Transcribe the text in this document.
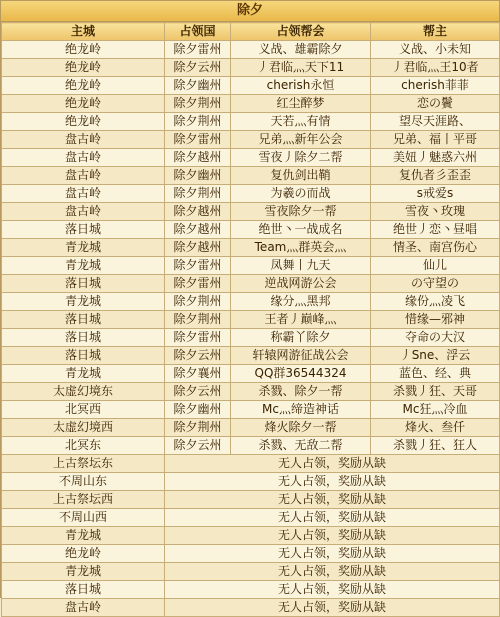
除夕
主城	占领国	占领帮会	帮主
绝龙岭	除夕雷州	义战、雄霸除夕	义战、小未知
绝龙岭	除夕云州	丿君临灬天下11	丿君临灬王10者
绝龙岭	除夕幽州	cherish永恒	cherish菲菲
绝龙岭	除夕荆州	红尘醉梦	恋の鬢
绝龙岭	除夕荆州	天若灬有情	望尽天涯路、
盘古岭	除夕雷州	兄弟灬新年公会	兄弟、福丨平哥
盘古岭	除夕越州	雪夜丿除夕二帮	美妞丿魅惑六州
盘古岭	除夕幽州	复仇剑出鞘	复仇者彡歪歪
盘古岭	除夕荆州	为羲の而战	s戒爱s
盘古岭	除夕越州	雪夜除夕一帮	雪夜丶玫瑰
落日城	除夕越州	绝世丶一战成名	绝世丿恋丶昼唱
青龙城	除夕越州	Team灬群英会灬	情圣、南宫伤心
青龙城	除夕雷州	凤舞丨九天	仙儿
落日城	除夕雷州	逆战网游公会	の守望の
青龙城	除夕荆州	缘分灬黑邦	缘份灬凌飞
落日城	除夕荆州	王者丿巅峰灬	惜缘—邪神
落日城	除夕雷州	称霸丫除夕	夺命の大汉
落日城	除夕云州	轩辕网游征战公会	丿Sne、浮云
青龙城	除夕襄州	QQ群36544324	蓝色、经、典
太虚幻境东	除夕云州	杀戮、除夕一帮	杀戮丿狂、天哥
北冥西	除夕幽州	Mc灬缔造神话	Mc狂灬冷血
太虚幻境西	除夕荆州	烽火除夕一帮	烽火、叁仟
北冥东	除夕云州	杀戮、无敌二帮	杀戮丿狂、狂人
上古祭坛东	无人占领，奖励从缺		
不周山东	无人占领，奖励从缺		
上古祭坛西	无人占领，奖励从缺		
不周山西	无人占领，奖励从缺		
青龙城	无人占领，奖励从缺		
绝龙岭	无人占领，奖励从缺		
青龙城	无人占领，奖励从缺		
落日城	无人占领，奖励从缺		
盘古岭	无人占领，奖励从缺		
